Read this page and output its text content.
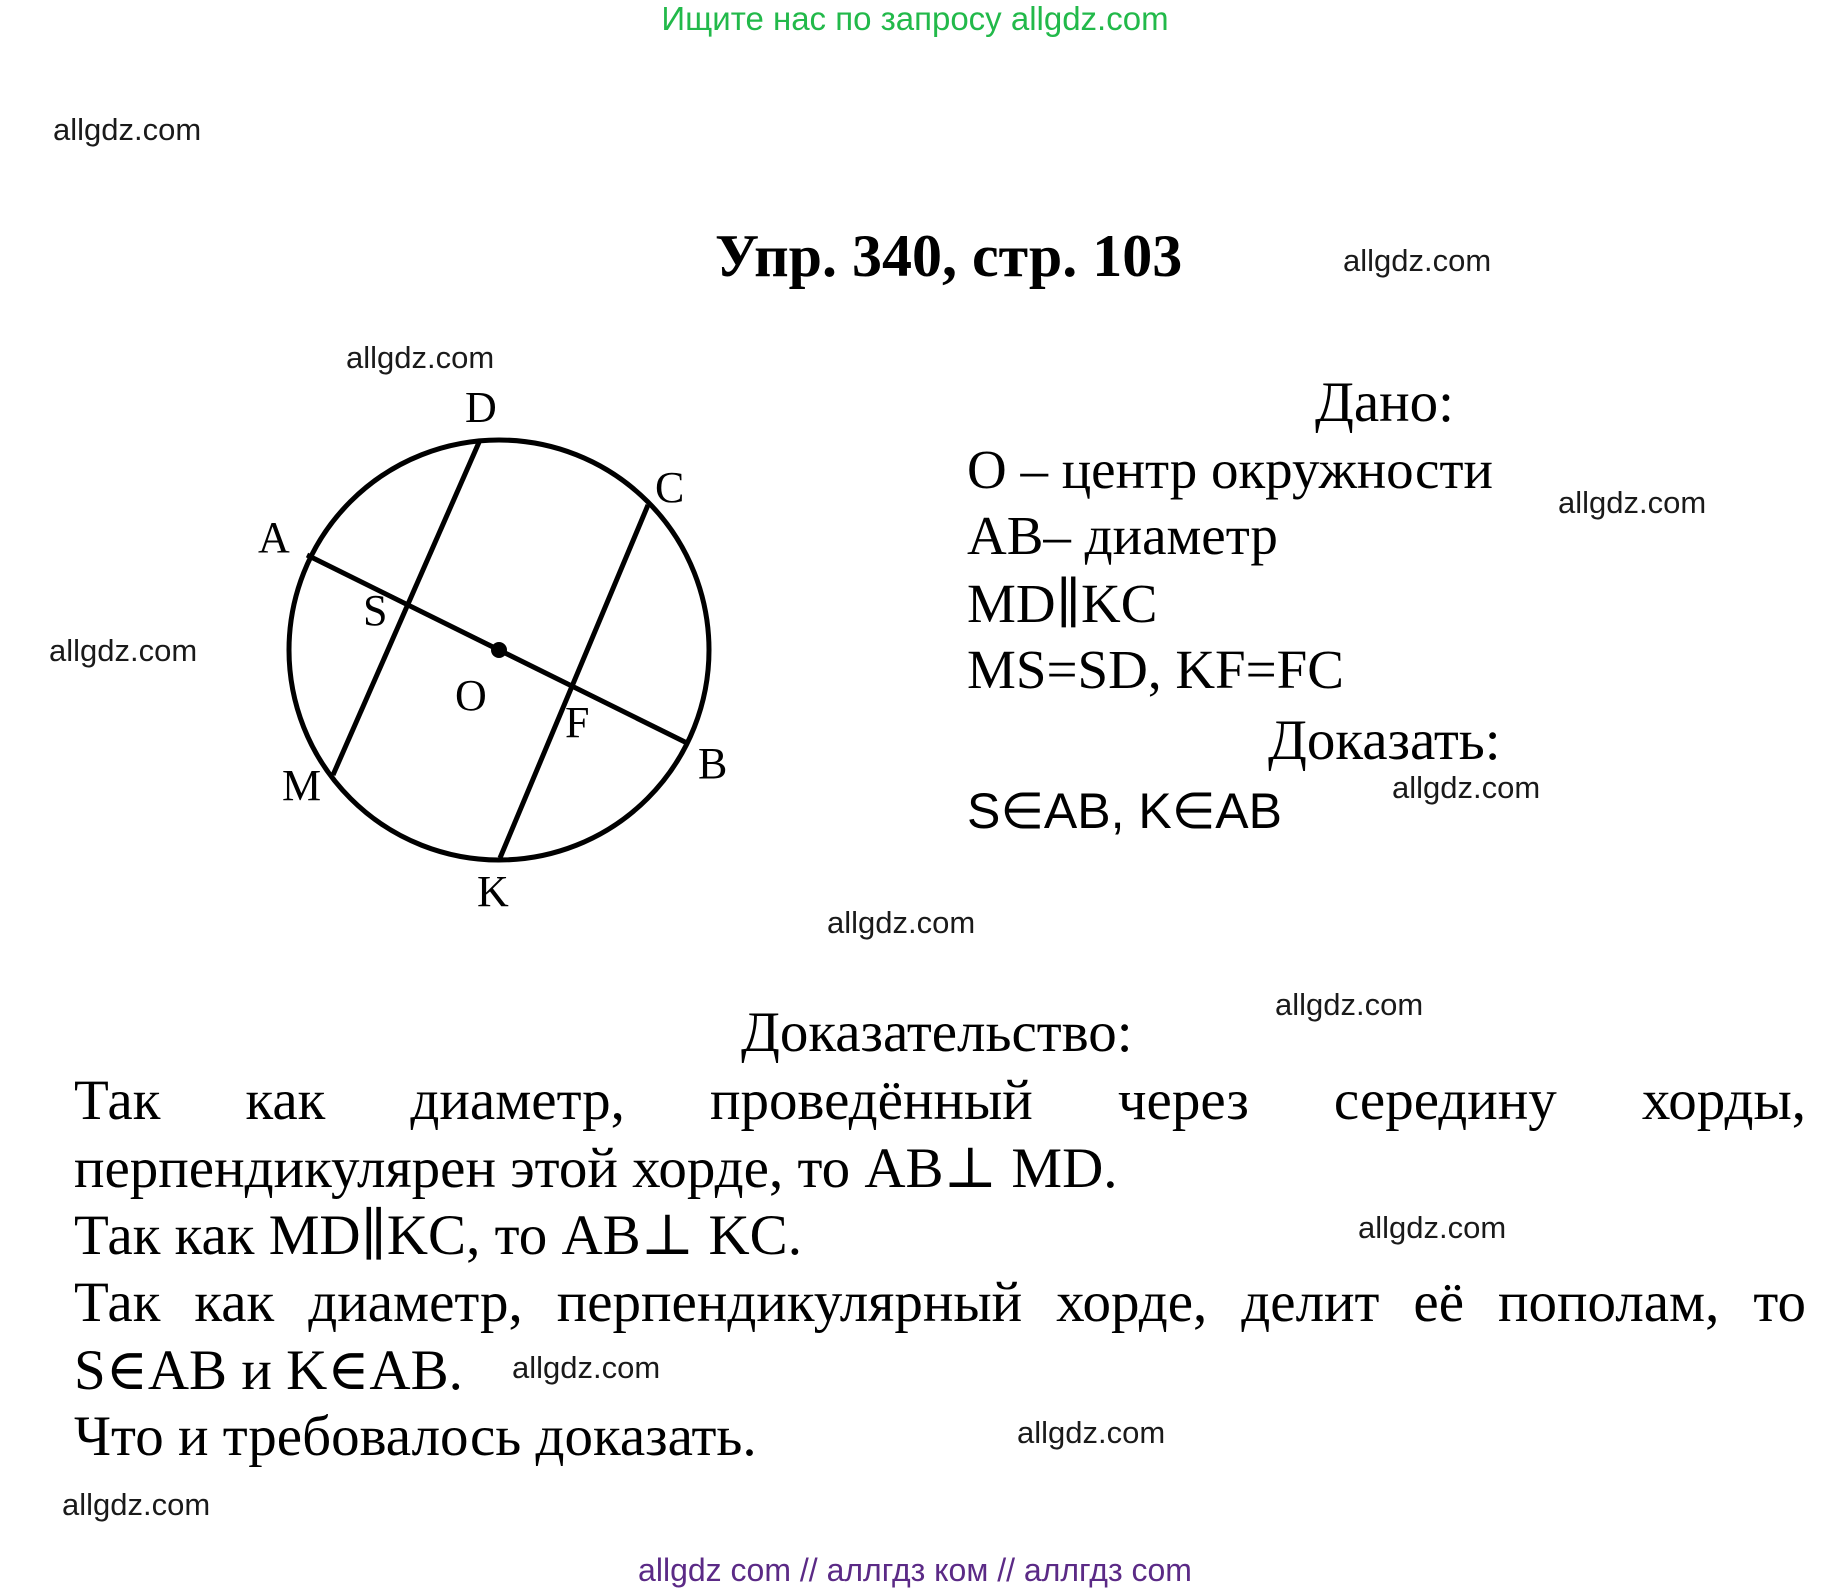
Ищите нас по запросу allgdz.com
allgdz.com
allgdz.com
allgdz.com
allgdz.com
allgdz.com
allgdz.com
allgdz.com
allgdz.com
allgdz.com
allgdz.com
allgdz.com
allgdz.com
Упр. 340, стр. 103
A
B
C
D
M
K
S
O
F
Дано:
O – центр окружности
AB– диаметр
MD∥KC
MS=SD, KF=FC
Доказать:
S∈AB, K∈AB
Доказательство:
Так как диаметр, проведённый через середину хорды,
перпендикулярен этой хорде, то AB⊥ MD.
Так как MD∥KC, то AB⊥ KC.
Так как диаметр, перпендикулярный хорде, делит её пополам, то
S∈AB и K∈AB.
Что и требовалось доказать.
allgdz com // аллгдз ком // аллгдз com
